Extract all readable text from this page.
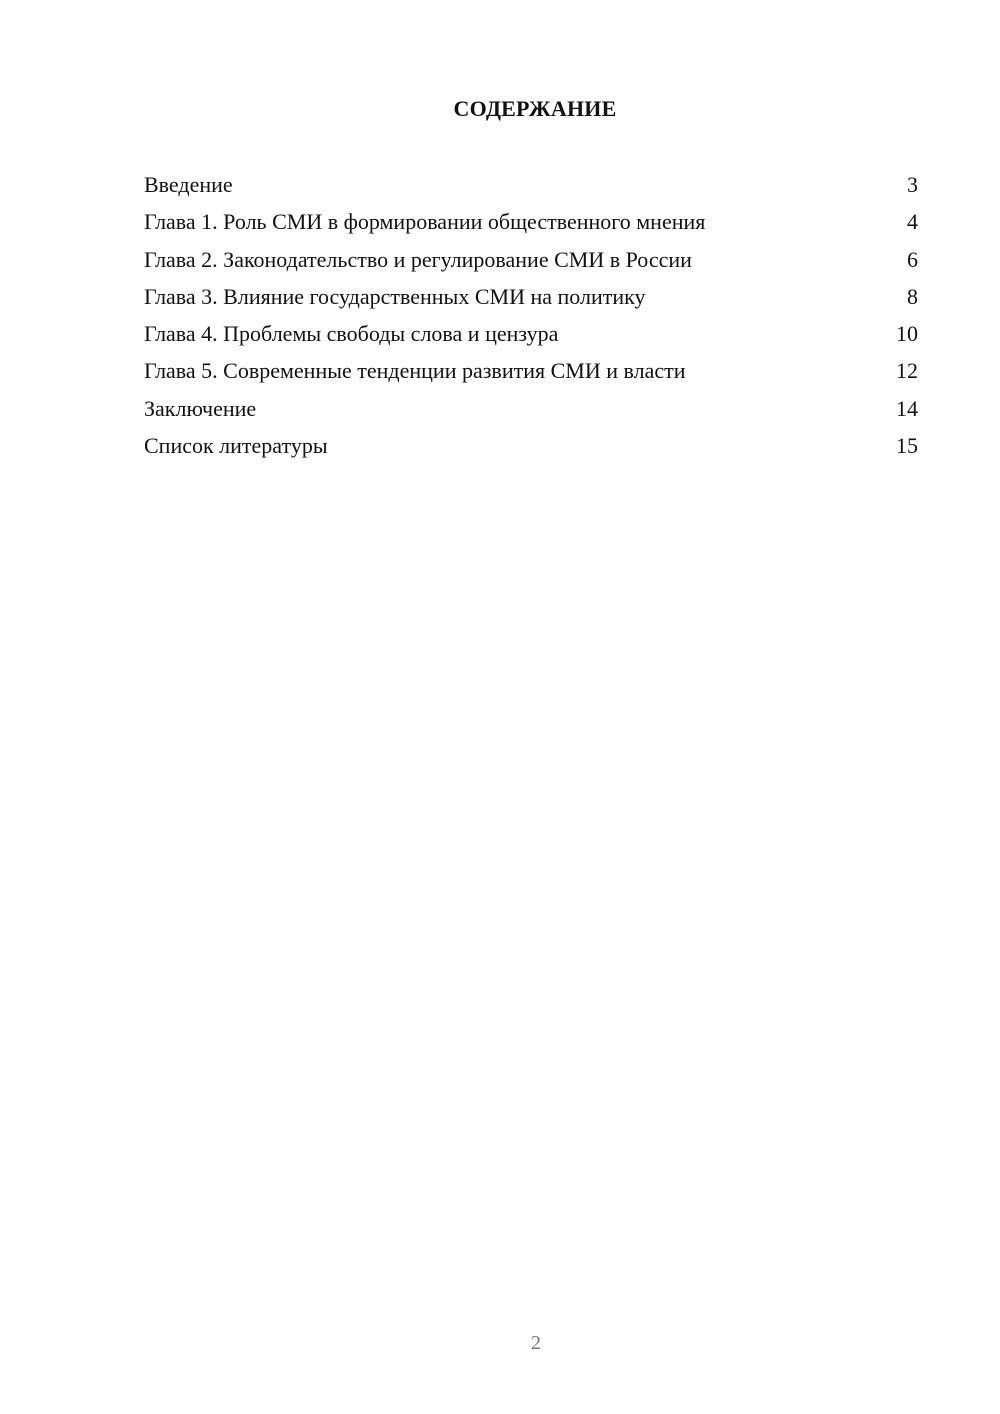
СОДЕРЖАНИЕ
Введение	3
Глава 1. Роль СМИ в формировании общественного мнения	4
Глава 2. Законодательство и регулирование СМИ в России	6
Глава 3. Влияние государственных СМИ на политику	8
Глава 4. Проблемы свободы слова и цензура	10
Глава 5. Современные тенденции развития СМИ и власти	12
Заключение	14
Список литературы	15
2
